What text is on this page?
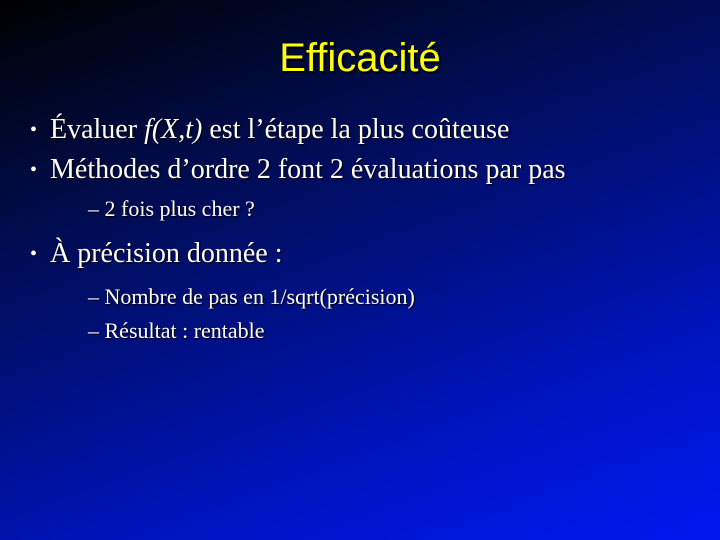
Efficacité
• Évaluer f(X,t) est l’étape la plus coûteuse
• Méthodes d’ordre 2 font 2 évaluations par pas
– 2 fois plus cher ?
• À précision donnée :
– Nombre de pas en 1/sqrt(précision)
– Résultat : rentable
